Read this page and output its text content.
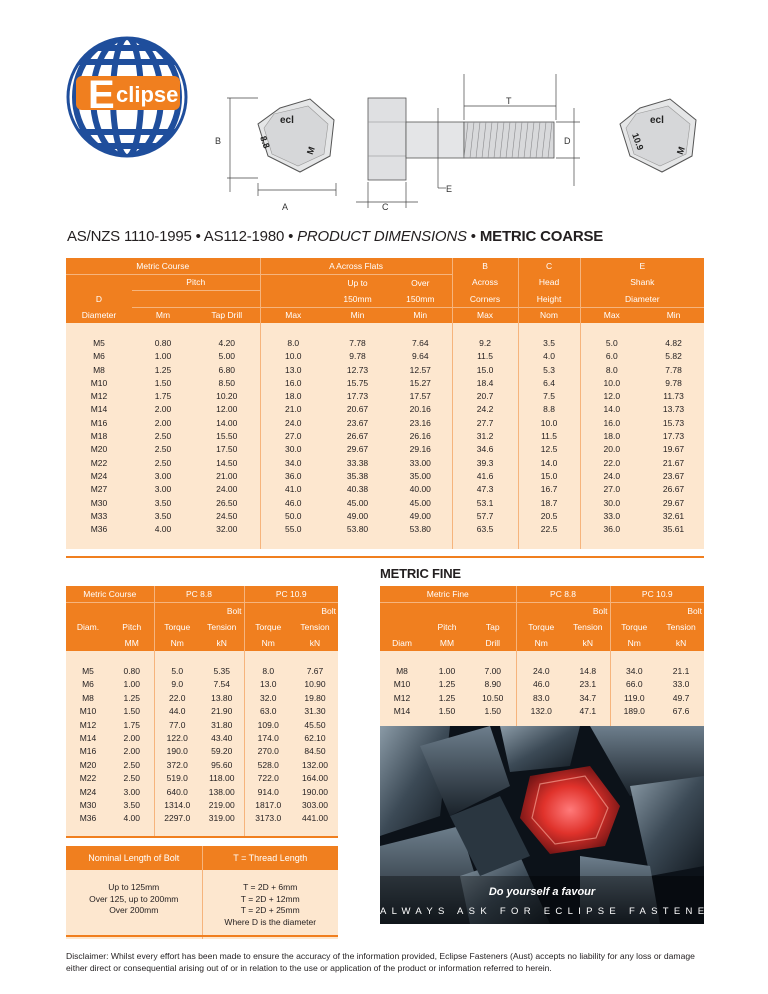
E clipse
ecl
8.8
M
B
A
T
D
E
C
ecl
10.9	M
AS/NZS 1110-1995 • AS112-1980 • PRODUCT DIMENSIONS • METRIC COARSE
Metric Course			A Across Flats			B	C	E	
	Pitch			Up to	Over	Across	Head	Shank	
D				150mm	150mm	Corners	Height	Diameter	
Diameter	Mm	Tap Drill	Max	Min	Min	Max	Nom	Max	Min

M5	0.80	4.20	8.0	7.78	7.64	9.2	3.5	5.0	4.82
M6	1.00	5.00	10.0	9.78	9.64	11.5	4.0	6.0	5.82
M8	1.25	6.80	13.0	12.73	12.57	15.0	5.3	8.0	7.78
M10	1.50	8.50	16.0	15.75	15.27	18.4	6.4	10.0	9.78
M12	1.75	10.20	18.0	17.73	17.57	20.7	7.5	12.0	11.73
M14	2.00	12.00	21.0	20.67	20.16	24.2	8.8	14.0	13.73
M16	2.00	14.00	24.0	23.67	23.16	27.7	10.0	16.0	15.73
M18	2.50	15.50	27.0	26.67	26.16	31.2	11.5	18.0	17.73
M20	2.50	17.50	30.0	29.67	29.16	34.6	12.5	20.0	19.67
M22	2.50	14.50	34.0	33.38	33.00	39.3	14.0	22.0	21.67
M24	3.00	21.00	36.0	35.38	35.00	41.6	15.0	24.0	23.67
M27	3.00	24.00	41.0	40.38	40.00	47.3	16.7	27.0	26.67
M30	3.50	26.50	46.0	45.00	45.00	53.1	18.7	30.0	29.67
M33	3.50	24.50	50.0	49.00	49.00	57.7	20.5	33.0	32.61
M36	4.00	32.00	55.0	53.80	53.80	63.5	22.5	36.0	35.61

METRIC FINE
Metric Course		PC 8.8		PC 10.9	
			Bolt		Bolt
Diam.	Pitch	Torque	Tension	Torque	Tension
	MM	Nm	kN	Nm	kN

M5	0.80	5.0	5.35	8.0	7.67
M6	1.00	9.0	7.54	13.0	10.90
M8	1.25	22.0	13.80	32.0	19.80
M10	1.50	44.0	21.90	63.0	31.30
M12	1.75	77.0	31.80	109.0	45.50
M14	2.00	122.0	43.40	174.0	62.10
M16	2.00	190.0	59.20	270.0	84.50
M20	2.50	372.0	95.60	528.0	132.00
M22	2.50	519.0	118.00	722.0	164.00
M24	3.00	640.0	138.00	914.0	190.00
M30	3.50	1314.0	219.00	1817.0	303.00
M36	4.00	2297.0	319.00	3173.0	441.00

Metric Fine			PC 8.8		PC 10.9	
				Bolt		Bolt
	Pitch	Tap	Torque	Tension	Torque	Tension
Diam	MM	Drill	Nm	kN	Nm	kN

M8	1.00	7.00	24.0	14.8	34.0	21.1
M10	1.25	8.90	46.0	23.1	66.0	33.0
M12	1.25	10.50	83.0	34.7	119.0	49.7
M14	1.50	1.50	132.0	47.1	189.0	67.6

Nominal Length of Bolt	T = Thread Length

Up to 125mm	T = 2D + 6mm
Over 125, up to 200mm	T = 2D + 12mm
Over 200mm	T = 2D + 25mm
	Where D is the diameter

Do yourself a favour
ALWAYS ASK FOR ECLIPSE FASTENERS
Disclaimer: Whilst every effort has been made to ensure the accuracy of the information provided, Eclipse Fasteners (Aust) accepts no liability for any loss or damage either direct or consequential arising out of or in relation to the use or application of the product or information referred to herein.
